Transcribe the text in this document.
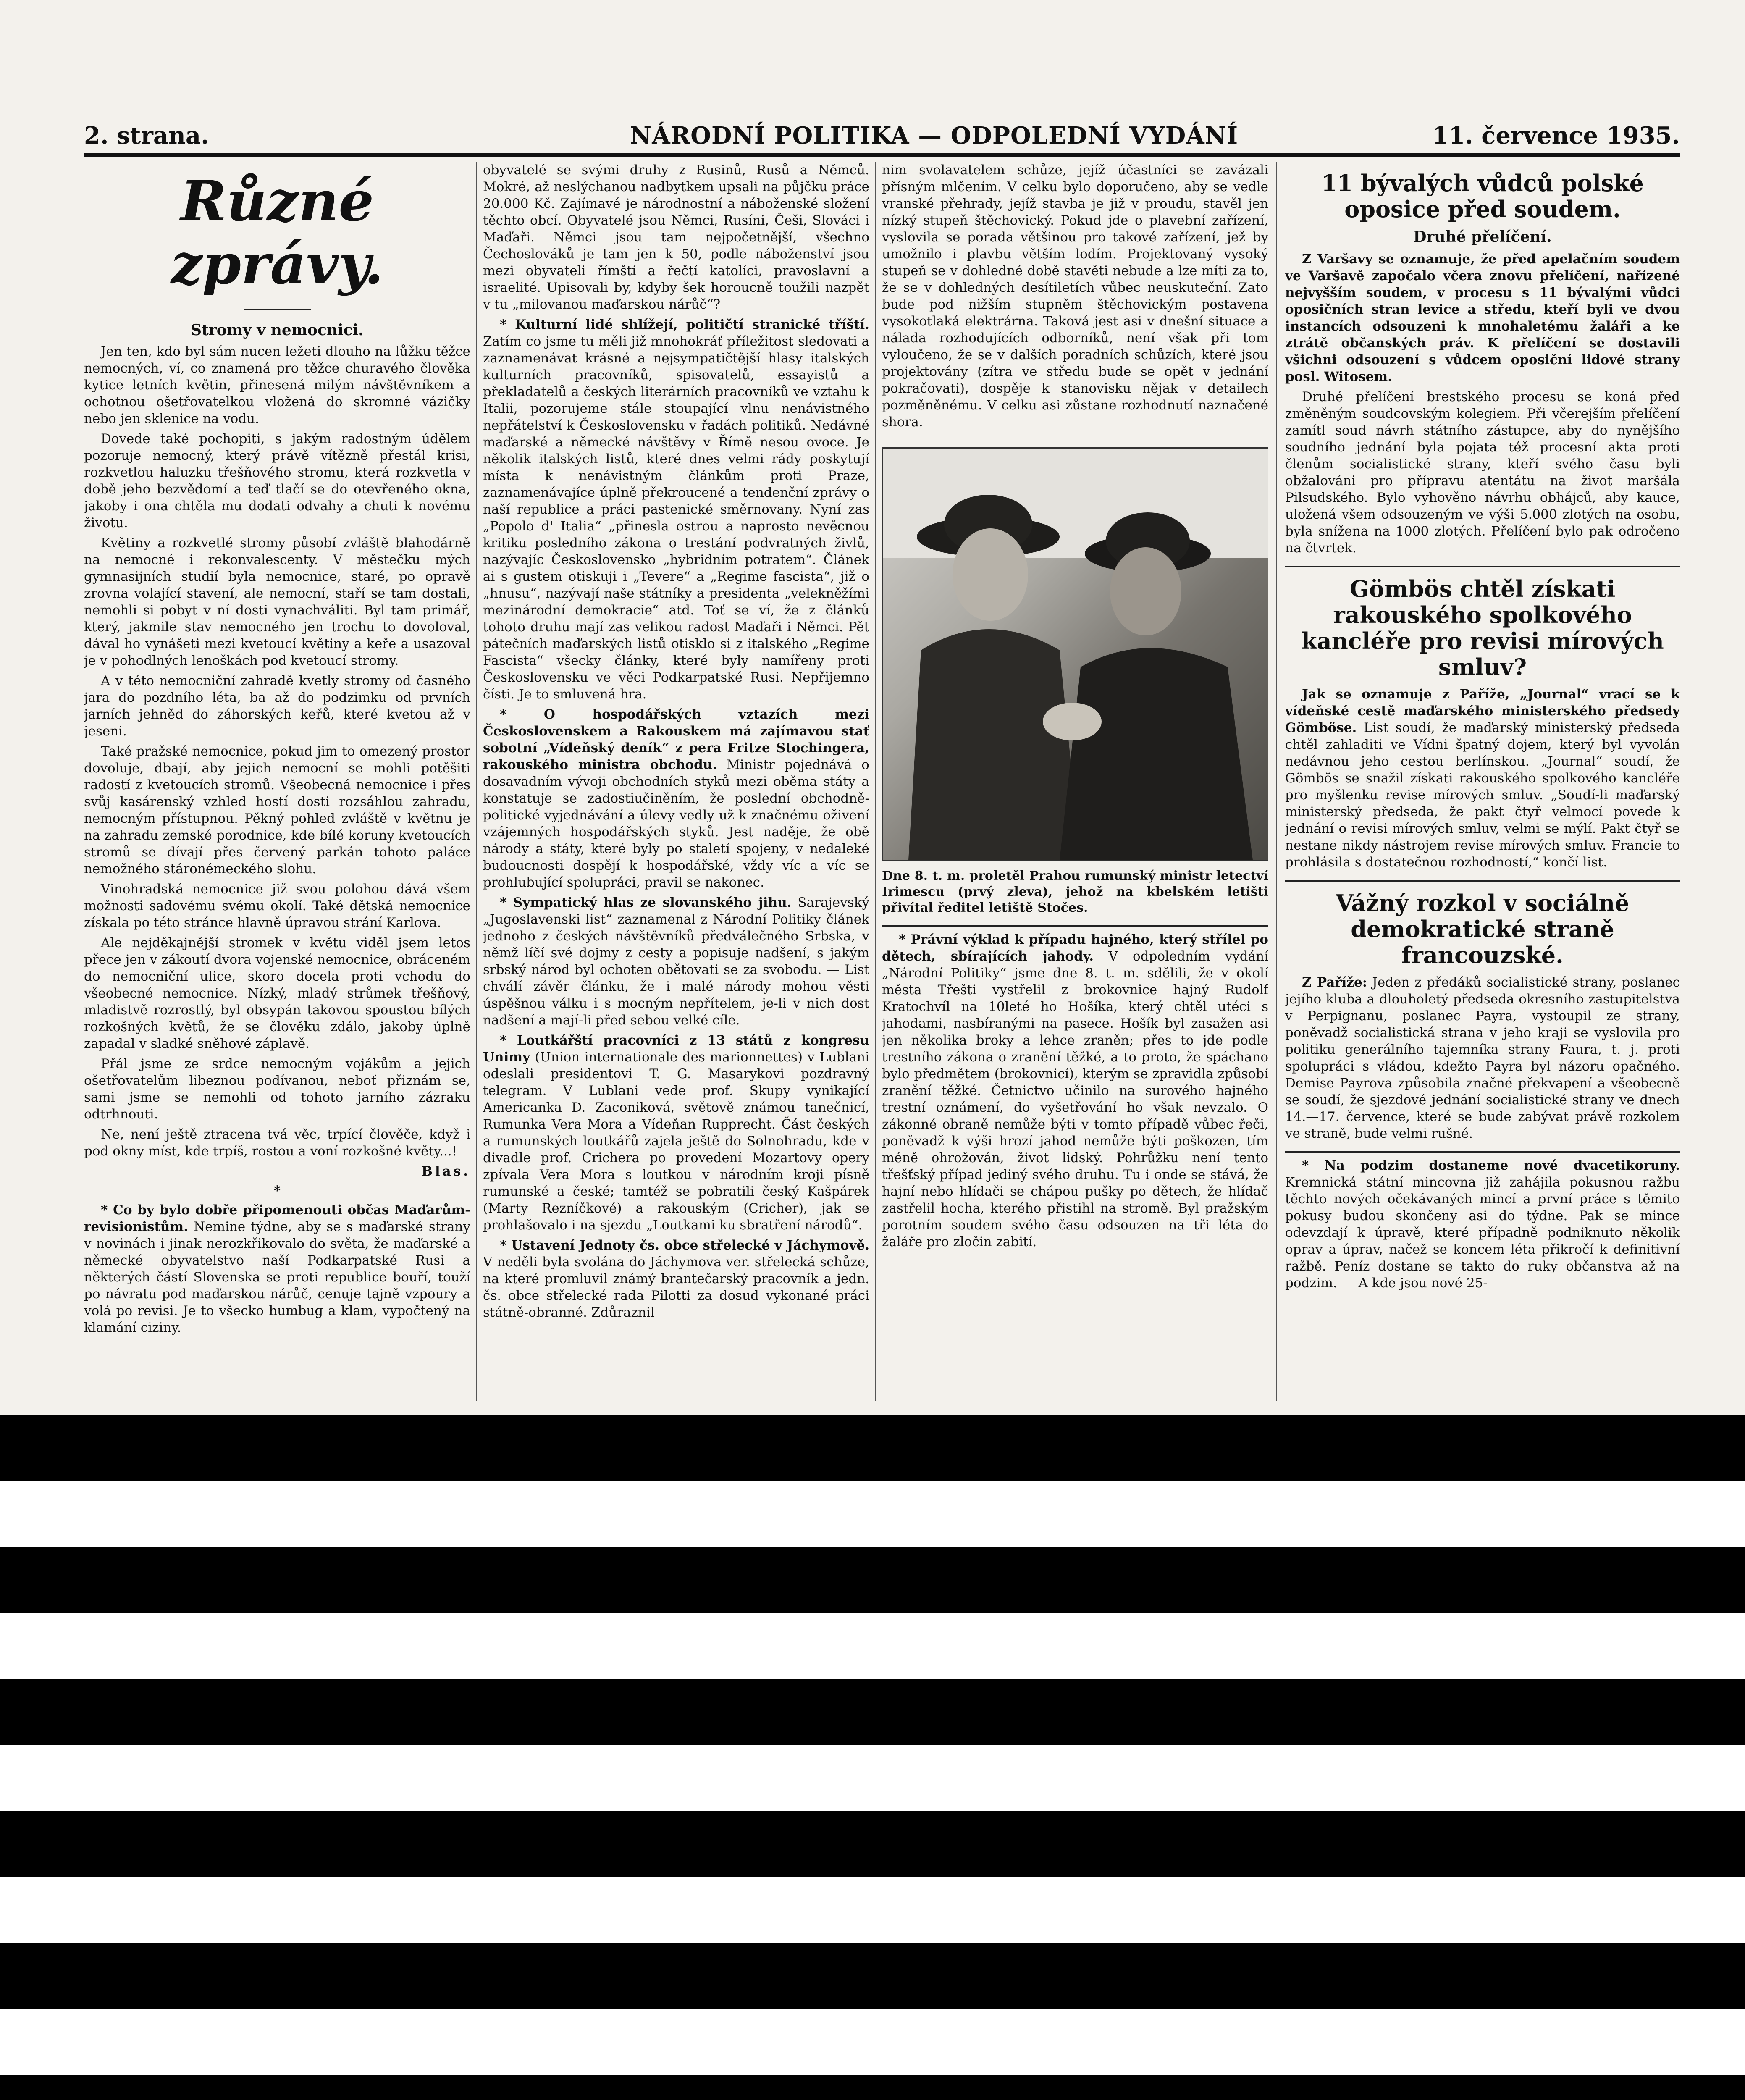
2. strana.	NÁRODNÍ POLITIKA — ODPOLEDNÍ VYDÁNÍ	11. července 1935.
Různé zprávy.
Stromy v nemocnici.

Jen ten, kdo byl sám nucen ležeti dlouho na lůžku těžce nemocných, ví, co znamená pro těžce churavého člověka kytice letních květin, přinesená milým návštěvníkem a ochotnou ošetřovatelkou vložená do skromné vázičky nebo jen sklenice na vodu.

Dovede také pochopiti, s jakým radostným údělem pozoruje nemocný, který právě vítězně přestál krisi, rozkvetlou haluzku třešňového stromu, která rozkvetla v době jeho bezvědomí a teď tlačí se do otevřeného okna, jakoby i ona chtěla mu dodati odvahy a chuti k novému životu.

Květiny a rozkvetlé stromy působí zvláště blahodárně na nemocné i rekonvalescenty. V městečku mých gymnasijních studií byla nemocnice, staré, po opravě zrovna volající stavení, ale nemocní, staří se tam dostali, nemohli si pobyt v ní dosti vynachváliti. Byl tam primář, který, jakmile stav nemocného jen trochu to dovoloval, dával ho vynášeti mezi kvetoucí květiny a keře a usazoval je v pohodlných lenoškách pod kvetoucí stromy.

A v této nemocniční zahradě kvetly stromy od časného jara do pozdního léta, ba až do podzimku od prvních jarních jehněd do záhorských keřů, které kvetou až v jeseni.

Také pražské nemocnice, pokud jim to omezený prostor dovoluje, dbají, aby jejich nemocní se mohli potěšiti radostí z kvetoucích stromů. Všeobecná nemocnice i přes svůj kasárenský vzhled hostí dosti rozsáhlou zahradu, nemocným přístupnou. Pěkný pohled zvláště v květnu je na zahradu zemské porodnice, kde bílé koruny kvetoucích stromů se dívají přes červený parkán tohoto paláce nemožného stáronémeckého slohu.

Vinohradská nemocnice již svou polohou dává všem možnosti sadovému svému okolí. Také dětská nemocnice získala po této stránce hlavně úpravou strání Karlova.

Ale nejděkajnější stromek v květu viděl jsem letos přece jen v zákoutí dvora vojenské nemocnice, obráceném do nemocniční ulice, skoro docela proti vchodu do všeobecné nemocnice. Nízký, mladý strůmek třešňový, mladistvě rozrostlý, byl obsypán takovou spoustou bílých rozkošných květů, že se člověku zdálo, jakoby úplně zapadal v sladké sněhové záplavě.

Přál jsme ze srdce nemocným vojákům a jejich ošetřovatelům libeznou podívanou, neboť přiznám se, sami jsme se nemohli od tohoto jarního zázraku odtrhnouti.

Ne, není ještě ztracena tvá věc, trpící člověče, když i pod okny míst, kde trpíš, rostou a voní rozkošné květy...!

Blas.
*

* Co by bylo dobře připomenouti občas Maďarům-revisionistům. Nemine týdne, aby se s maďarské strany v novinách i jinak nerozkřikovalo do světa, že maďarské a německé obyvatelstvo naší Podkarpatské Rusi a některých částí Slovenska se proti republice bouří, touží po návratu pod maďarskou nárůč, cenuje tajně vzpoury a volá po revisi. Je to všecko humbug a klam, vypočtený na klamání ciziny.

obyvatelé se svými druhy z Rusinů, Rusů a Němců. Mokré, až neslýchanou nadbytkem upsali na půjčku práce 20.000 Kč. Zajímavé je národnostní a náboženské složení těchto obcí. Obyvatelé jsou Němci, Rusíni, Češi, Slováci i Maďaři. Němci jsou tam nejpočetnější, všechno Čechoslováků je tam jen k 50, podle náboženství jsou mezi obyvateli římští a řečtí katolíci, pravoslavní a israelité. Upisovali by, kdyby šek horoucně toužili nazpět v tu „milovanou maďarskou nárůč“?

* Kulturní lidé shlížejí, političtí stranické tříští. Zatím co jsme tu měli již mnohokráť příležitost sledovati a zaznamenávat krásné a nejsympatičtější hlasy italských kulturních pracovníků, spisovatelů, essayistů a překladatelů a českých literárních pracovníků ve vztahu k Italii, pozorujeme stále stoupající vlnu nenávistného nepřátelství k Československu v řadách politiků. Nedávné maďarské a německé návštěvy v Římě nesou ovoce. Je několik italských listů, které dnes velmi rády poskytují místa k nenávistným článkům proti Praze, zaznamenávajíce úplně překroucené a tendenční zprávy o naší republice a práci pastenické směrnovany. Nyní zas „Popolo d' Italia“ „přinesla ostrou a naprosto nevěcnou kritiku posledního zákona o trestání podvratných živlů, nazývajíc Československo „hybridním potratem“. Článek ai s gustem otiskuji i „Tevere“ a „Regime fascista“, již o „hnusu“, nazývají naše státníky a presidenta „velekněžími mezinárodní demokracie“ atd. Toť se ví, že z článků tohoto druhu mají zas velikou radost Maďaři i Němci. Pět pátečních maďarských listů otisklo si z italského „Regime Fascista“ všecky články, které byly namířeny proti Československu ve věci Podkarpatské Rusi. Nepřijemno čísti. Je to smluvená hra.

* O hospodářských vztazích mezi Československem a Rakouskem má zajímavou stať sobotní „Vídeňský deník“ z pera Fritze Stochingera, rakouského ministra obchodu. Ministr pojednává o dosavadním vývoji obchodních styků mezi oběma státy a konstatuje se zadostiučiněním, že poslední obchodně-politické vyjednávání a úlevy vedly už k značnému oživení vzájemných hospodářských styků. Jest naděje, že obě národy a státy, které byly po staletí spojeny, v nedaleké budoucnosti dospějí k hospodářské, vždy víc a víc se prohlubující spolupráci, pravil se nakonec.

* Sympatický hlas ze slovanského jihu. Sarajevský „Jugoslavenski list“ zaznamenal z Národní Politiky článek jednoho z českých návštěvníků předválečného Srbska, v němž líčí své dojmy z cesty a popisuje nadšení, s jakým srbský národ byl ochoten obětovati se za svobodu. — List chválí závěr článku, že i malé národy mohou věsti úspěšnou válku i s mocným nepřítelem, je-li v nich dost nadšení a mají-li před sebou velké cíle.

* Loutkářští pracovníci z 13 států z kongresu Unimy (Union internationale des marionnettes) v Lublani odeslali presidentovi T. G. Masarykovi pozdravný telegram. V Lublani vede prof. Skupy vynikající Americanka D. Zaconiková, světově známou tanečnicí, Rumunka Vera Mora a Vídeňan Rupprecht. Část českých a rumunských loutkářů zajela ještě do Solnohradu, kde v divadle prof. Crichera po provedení Mozartovy opery zpívala Vera Mora s loutkou v národním kroji písně rumunské a české; tamtéž se pobratili český Kašpárek (Marty Rezníčkové) a rakouským (Cricher), jak se prohlašovalo i na sjezdu „Loutkami ku sbratření národů“.

* Ustavení Jednoty čs. obce střelecké v Jáchymově. V neděli byla svolána do Jáchymova ver. střelecká schůze, na které promluvil známý brantečarský pracovník a jedn. čs. obce střelecké rada Pilotti za dosud vykonané práci státně-obranné. Zdůraznil

nim svolavatelem schůze, jejíž účastníci se zavázali přísným mlčením. V celku bylo doporučeno, aby se vedle vranské přehrady, jejíž stavba je již v proudu, stavěl jen nízký stupeň štěchovický. Pokud jde o plavební zařízení, vyslovila se porada většinou pro takové zařízení, jež by umožnilo i plavbu větším lodím. Projektovaný vysoký stupeň se v dohledné době stavěti nebude a lze míti za to, že se v dohledných desítiletích vůbec neuskuteční. Zato bude pod nižším stupněm štěchovickým postavena vysokotlaká elektrárna. Taková jest asi v dnešní situace a nálada rozhodujících odborníků, není však při tom vyloučeno, že se v dalších poradních schůzích, které jsou projektovány (zítra ve středu bude se opět v jednání pokračovati), dospěje k stanovisku nějak v detailech pozměněnému. V celku asi zůstane rozhodnutí naznačené shora.

Dne 8. t. m. proletěl Prahou rumunský ministr letectví Irimescu (prvý zleva), jehož na kbelském letišti přivítal ředitel letiště Stočes.

* Právní výklad k případu hajného, který střílel po dětech, sbírajících jahody. V odpoledním vydání „Národní Politiky“ jsme dne 8. t. m. sdělili, že v okolí města Třešti vystřelil z brokovnice hajný Rudolf Kratochvíl na 10leté ho Hošíka, který chtěl utéci s jahodami, nasbíranými na pasece. Hošík byl zasažen asi jen několika broky a lehce zraněn; přes to jde podle trestního zákona o zranění těžké, a to proto, že spáchano bylo předmětem (brokovnicí), kterým se zpravidla způsobí zranění těžké. Četnictvo učinilo na surového hajného trestní oznámení, do vyšetřování ho však nevzalo. O zákonné obraně nemůže býti v tomto případě vůbec řeči, poněvadž k výši hrozí jahod nemůže býti poškozen, tím méně ohrožován, život lidský. Pohrůžku není tento třešťský případ jediný svého druhu. Tu i onde se stává, že hajní nebo hlídači se chápou pušky po dětech, že hlídač zastřelil hocha, kterého přistihl na stromě. Byl pražským porotním soudem svého času odsouzen na tři léta do žaláře pro zločin zabití.

11 bývalých vůdců polské oposice před soudem.
Druhé přelíčení.

Z Varšavy se oznamuje, že před apelačním soudem ve Varšavě započalo včera znovu přelíčení, nařízené nejvyšším soudem, v procesu s 11 bývalými vůdci oposičních stran levice a středu, kteří byli ve dvou instancích odsouzeni k mnohaletému žaláři a ke ztrátě občanských práv. K přelíčení se dostavili všichni odsouzení s vůdcem oposiční lidové strany posl. Witosem.

Druhé přelíčení brestského procesu se koná před změněným soudcovským kolegiem. Při včerejším přelíčení zamítl soud návrh státního zástupce, aby do nynějšího soudního jednání byla pojata též procesní akta proti členům socialistické strany, kteří svého času byli obžalováni pro přípravu atentátu na život maršála Pilsudského. Bylo vyhověno návrhu obhájců, aby kauce, uložená všem odsouzeným ve výši 5.000 zlotých na osobu, byla snížena na 1000 zlotých. Přelíčení bylo pak odročeno na čtvrtek.

Gömbös chtěl získati rakouského spolkového kancléře pro revisi mírových smluv?

Jak se oznamuje z Paříže, „Journal“ vrací se k vídeňské cestě maďarského ministerského předsedy Gömböse. List soudí, že maďarský ministerský předseda chtěl zahladiti ve Vídni špatný dojem, který byl vyvolán nedávnou jeho cestou berlínskou. „Journal“ soudí, že Gömbös se snažil získati rakouského spolkového kancléře pro myšlenku revise mírových smluv. „Soudí-li maďarský ministerský předseda, že pakt čtyř velmocí povede k jednání o revisi mírových smluv, velmi se mýlí. Pakt čtyř se nestane nikdy nástrojem revise mírových smluv. Francie to prohlásila s dostatečnou rozhodností,“ končí list.

Vážný rozkol v sociálně demokratické straně francouzské.

Z Paříže: Jeden z předáků socialistické strany, poslanec jejího kluba a dlouholetý předseda okresního zastupitelstva v Perpignanu, poslanec Payra, vystoupil ze strany, poněvadž socialistická strana v jeho kraji se vyslovila pro politiku generálního tajemníka strany Faura, t. j. proti spolupráci s vládou, kdežto Payra byl názoru opačného. Demise Payrova způsobila značné překvapení a všeobecně se soudí, že sjezdové jednání socialistické strany ve dnech 14.—17. července, které se bude zabývat právě rozkolem ve straně, bude velmi rušné.

* Na podzim dostaneme nové dvacetikoruny. Kremnická státní mincovna již zahájila pokusnou ražbu těchto nových očekávaných mincí a první práce s těmito pokusy budou skončeny asi do týdne. Pak se mince odevzdají k úpravě, které případně podniknuto několik oprav a úprav, načež se koncem léta přikročí k definitivní ražbě. Peníz dostane se takto do ruky občanstva až na podzim. — A kde jsou nové 25-
